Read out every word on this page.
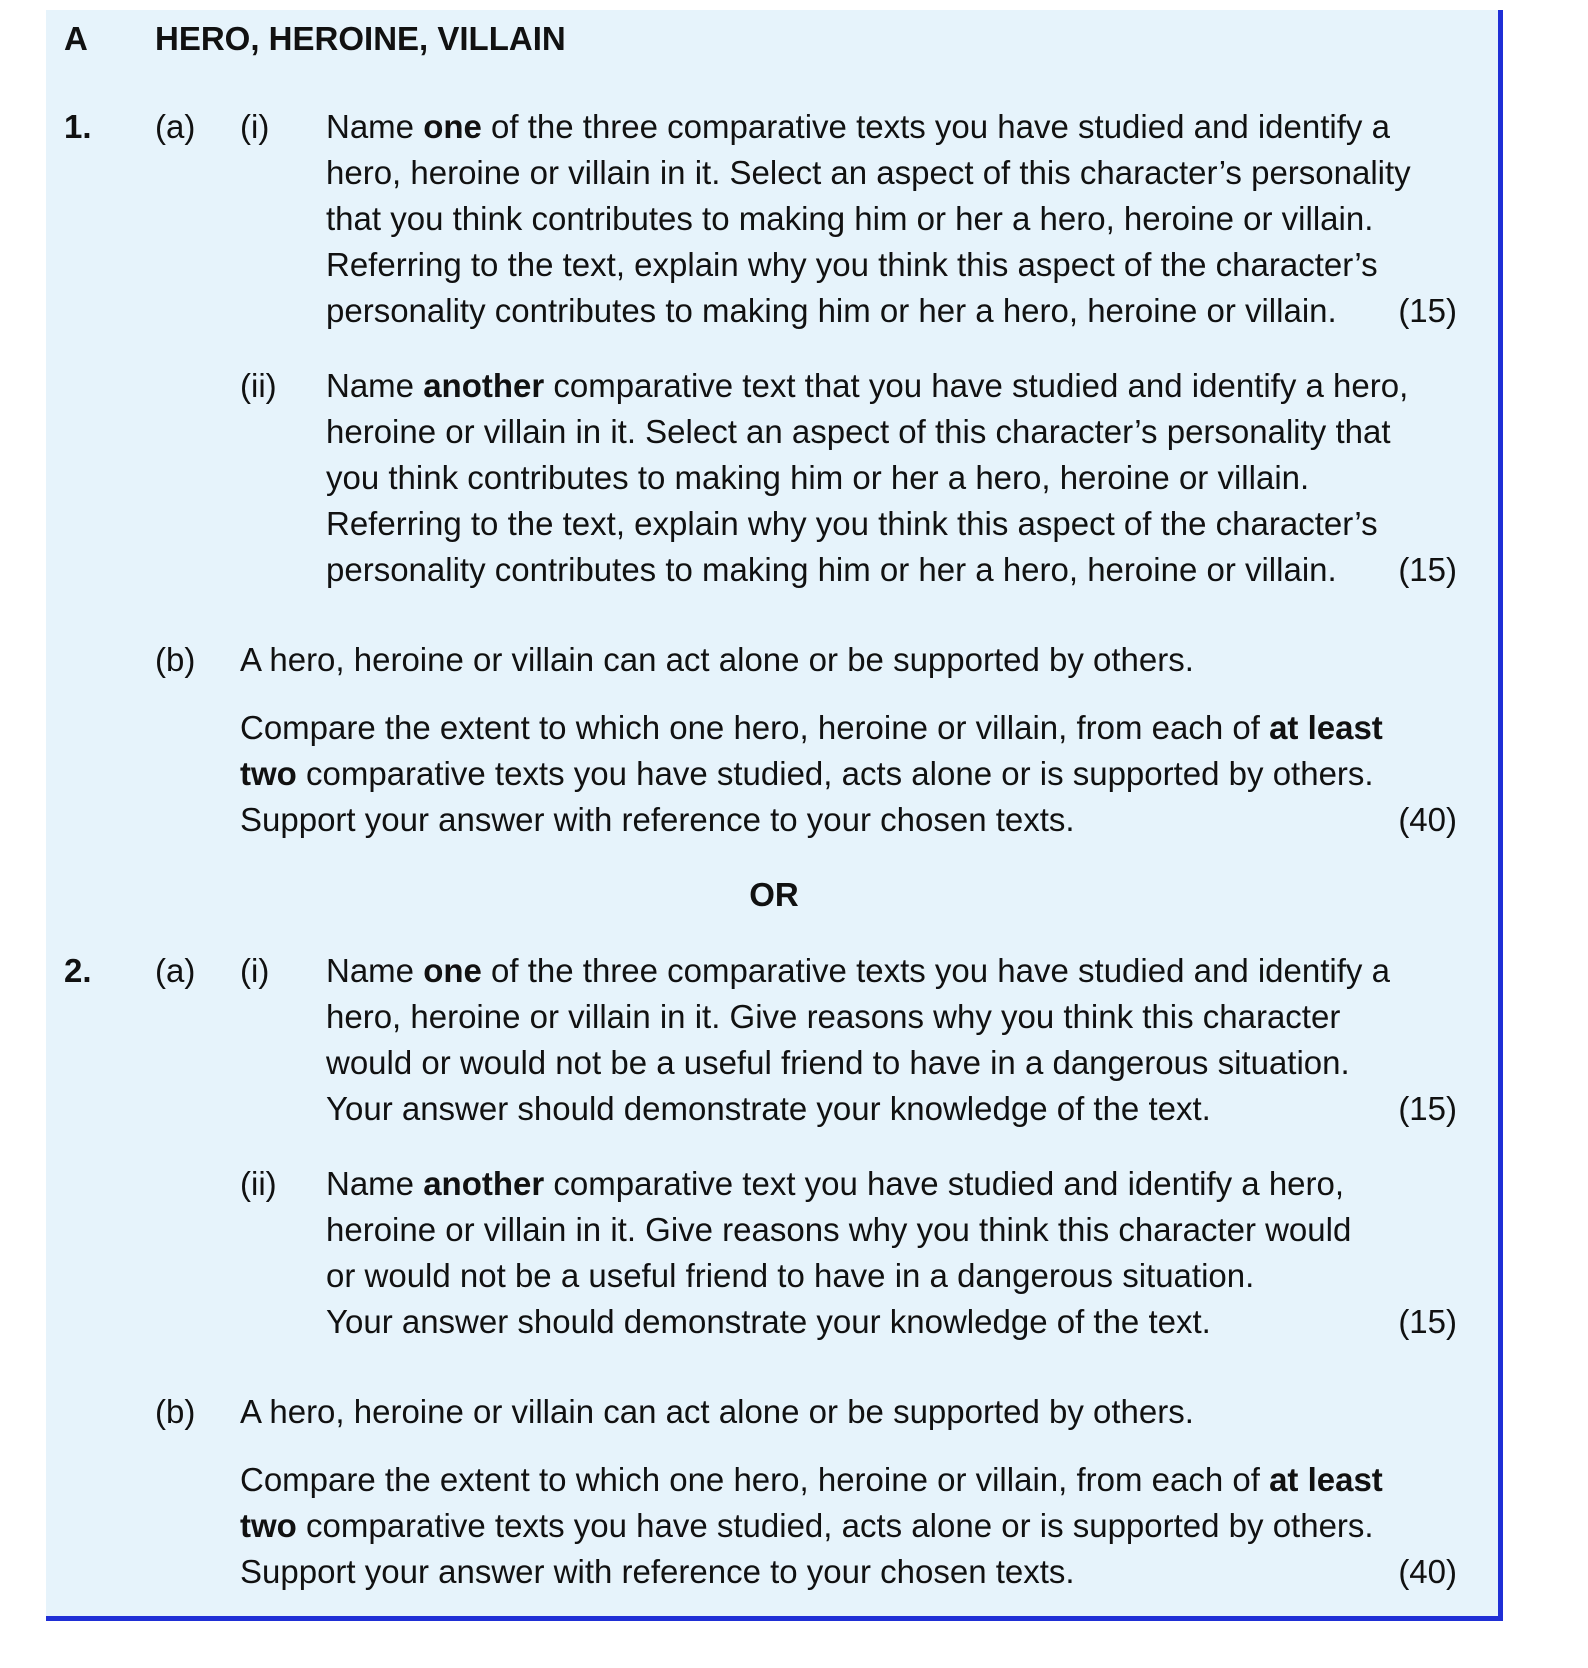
A HERO, HEROINE, VILLAIN
1. (a) (i) Name one of the three comparative texts you have studied and identify a
hero, heroine or villain in it. Select an aspect of this character’s personality
that you think contributes to making him or her a hero, heroine or villain.
Referring to the text, explain why you think this aspect of the character’s
personality contributes to making him or her a hero, heroine or villain. (15)
(ii) Name another comparative text that you have studied and identify a hero,
heroine or villain in it. Select an aspect of this character’s personality that
you think contributes to making him or her a hero, heroine or villain.
Referring to the text, explain why you think this aspect of the character’s
personality contributes to making him or her a hero, heroine or villain. (15)
(b) A hero, heroine or villain can act alone or be supported by others.
Compare the extent to which one hero, heroine or villain, from each of at least
two comparative texts you have studied, acts alone or is supported by others.
Support your answer with reference to your chosen texts.	(40)
OR
2. (a) (i) Name one of the three comparative texts you have studied and identify a
hero, heroine or villain in it. Give reasons why you think this character
would or would not be a useful friend to have in a dangerous situation.
Your answer should demonstrate your knowledge of the text.	(15)
(ii) Name another comparative text you have studied and identify a hero,
heroine or villain in it. Give reasons why you think this character would
or would not be a useful friend to have in a dangerous situation.
Your answer should demonstrate your knowledge of the text.	(15)
(b) A hero, heroine or villain can act alone or be supported by others.
Compare the extent to which one hero, heroine or villain, from each of at least
two comparative texts you have studied, acts alone or is supported by others.
Support your answer with reference to your chosen texts.	(40)
